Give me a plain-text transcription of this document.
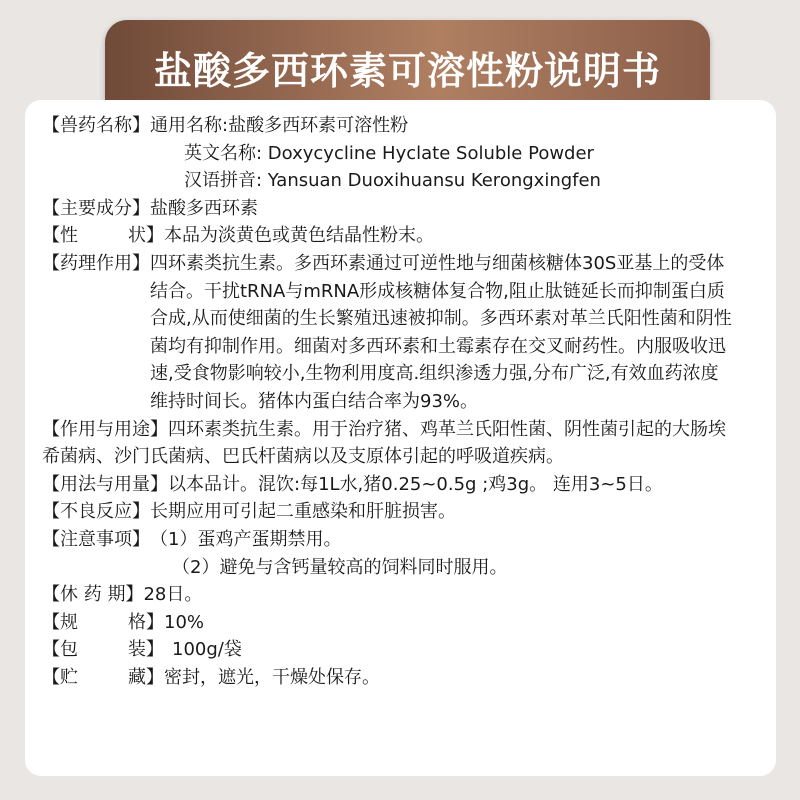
盐酸多西环素可溶性粉说明书
【兽药名称】 通用名称:盐酸多西环素可溶性粉
英文名称: Doxycycline Hyclate Soluble Powder
汉语拼音: Yansuan Duoxihuansu Kerongxingfen
【主要成分】 盐酸多西环素
【性	状】 本品为淡黄色或黄色结晶性粉末。
【药理作用】 四环素类抗生素。多西环素通过可逆性地与细菌核糖体30S亚基上的受体结合。干扰tRNA与mRNA形成核糖体复合物,阻止肽链延长而抑制蛋白质合成,从而使细菌的生长繁殖迅速被抑制。多西环素对革兰氏阳性菌和阴性菌均有抑制作用。细菌对多西环素和土霉素存在交叉耐药性。内服吸收迅速,受食物影响较小,生物利用度高.组织渗透力强,分布广泛,有效血药浓度维持时间长。猪体内蛋白结合率为93%。
【作用与用途】 四环素类抗生素。用于治疗猪、鸡革兰氏阳性菌、阴性菌引起的大肠埃希菌病、沙门氏菌病、巴氏杆菌病以及支原体引起的呼吸道疾病。
【用法与用量】 以本品计。混饮:每1L水,猪0.25~0.5g ;鸡3g。 连用3~5日。
【不良反应】 长期应用可引起二重感染和肝脏损害。
【注意事项】 （1）蛋鸡产蛋期禁用。
（2）避免与含钙量较高的饲料同时服用。
【休 药 期】 28日。
【规	格】 10%
【包	装】 100g/袋
【贮	藏】 密封，遮光，干燥处保存。
